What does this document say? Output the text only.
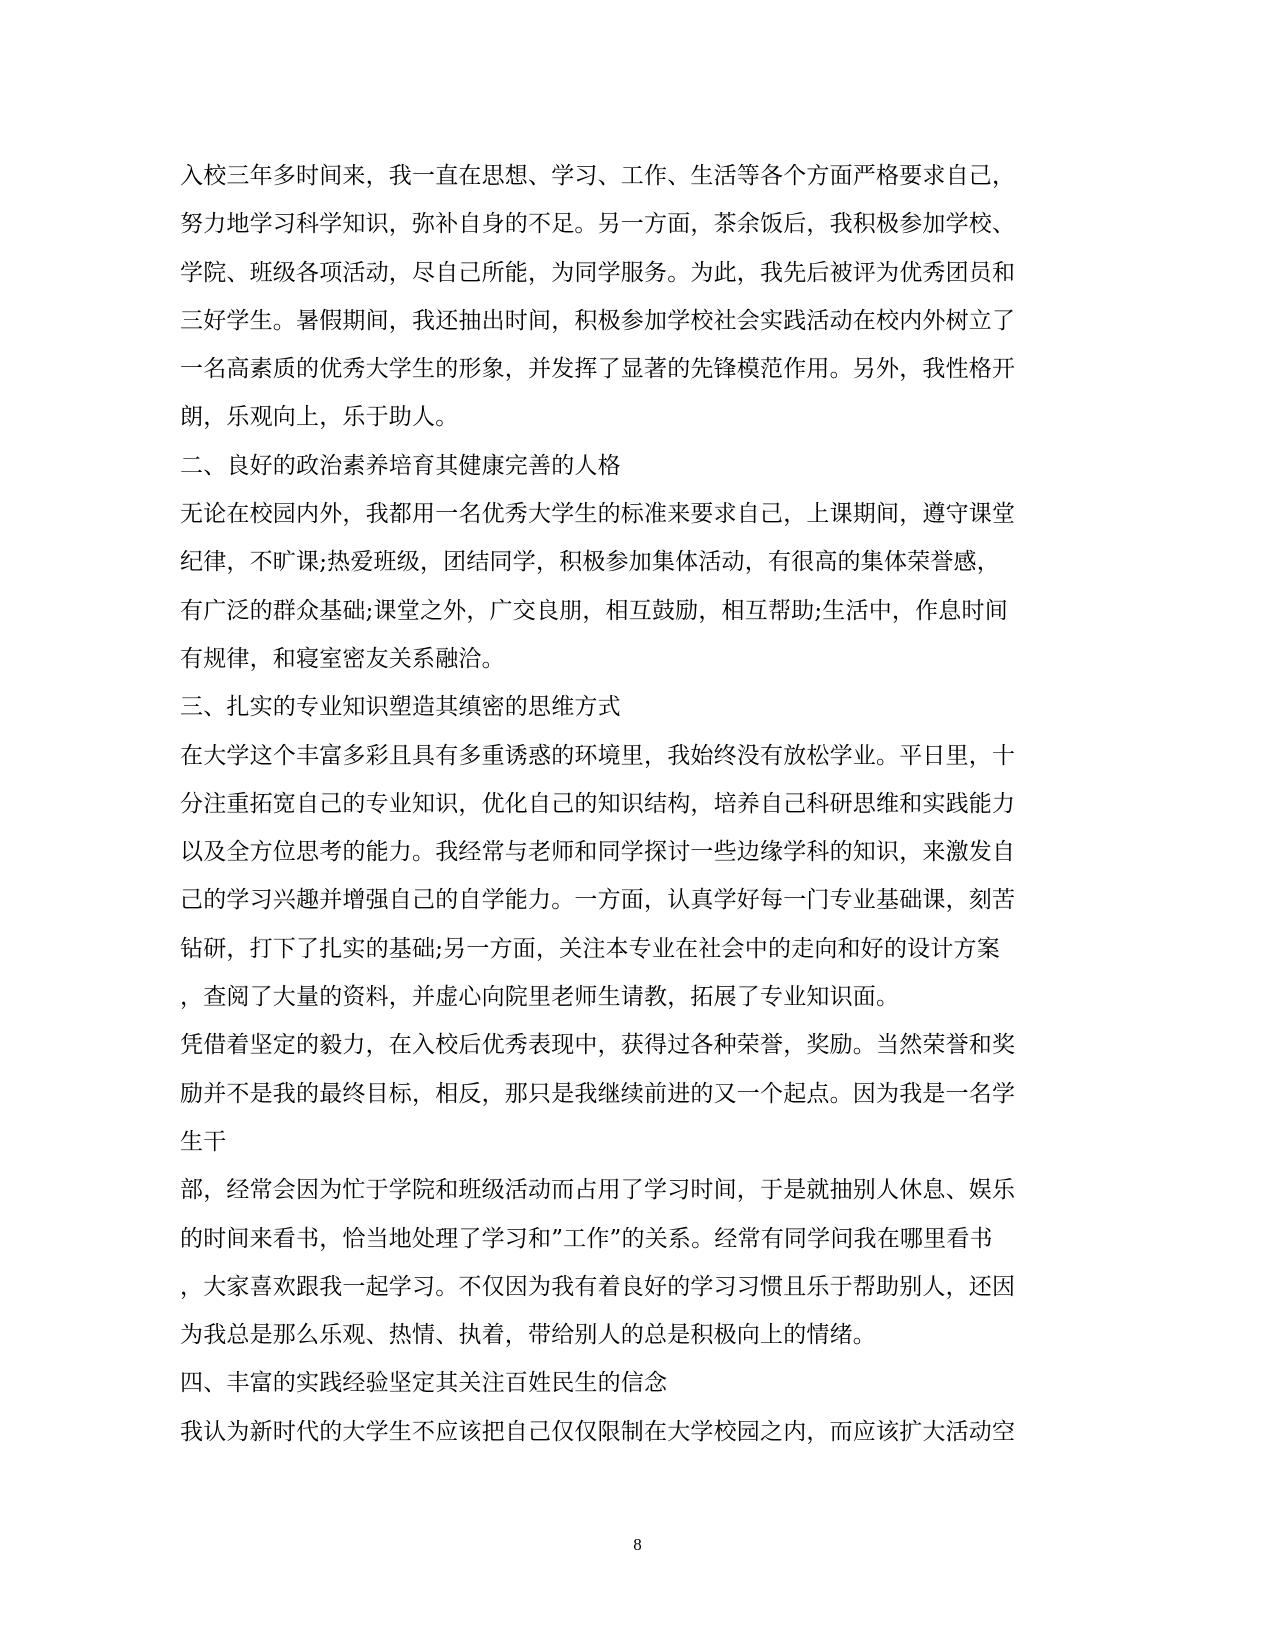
入校三年多时间来，我一直在思想、学习、工作、生活等各个方面严格要求自己，
努力地学习科学知识，弥补自身的不足。另一方面，茶余饭后，我积极参加学校、
学院、班级各项活动，尽自己所能，为同学服务。为此，我先后被评为优秀团员和
三好学生。暑假期间，我还抽出时间，积极参加学校社会实践活动在校内外树立了
一名高素质的优秀大学生的形象，并发挥了显著的先锋模范作用。另外，我性格开
朗，乐观向上，乐于助人。
二、良好的政治素养培育其健康完善的人格
无论在校园内外，我都用一名优秀大学生的标准来要求自己，上课期间，遵守课堂
纪律，不旷课;热爱班级，团结同学，积极参加集体活动，有很高的集体荣誉感，
有广泛的群众基础;课堂之外，广交良朋，相互鼓励，相互帮助;生活中，作息时间
有规律，和寝室密友关系融洽。
三、扎实的专业知识塑造其缜密的思维方式
在大学这个丰富多彩且具有多重诱惑的环境里，我始终没有放松学业。平日里，十
分注重拓宽自己的专业知识，优化自己的知识结构，培养自己科研思维和实践能力
以及全方位思考的能力。我经常与老师和同学探讨一些边缘学科的知识，来激发自
己的学习兴趣并增强自己的自学能力。一方面，认真学好每一门专业基础课，刻苦
钻研，打下了扎实的基础;另一方面，关注本专业在社会中的走向和好的设计方案
，查阅了大量的资料，并虚心向院里老师生请教，拓展了专业知识面。
凭借着坚定的毅力，在入校后优秀表现中，获得过各种荣誉，奖励。当然荣誉和奖
励并不是我的最终目标，相反，那只是我继续前进的又一个起点。因为我是一名学
生干
部，经常会因为忙于学院和班级活动而占用了学习时间，于是就抽别人休息、娱乐
的时间来看书，恰当地处理了学习和”工作”的关系。经常有同学问我在哪里看书
，大家喜欢跟我一起学习。不仅因为我有着良好的学习习惯且乐于帮助别人，还因
为我总是那么乐观、热情、执着，带给别人的总是积极向上的情绪。
四、丰富的实践经验坚定其关注百姓民生的信念
我认为新时代的大学生不应该把自己仅仅限制在大学校园之内，而应该扩大活动空
8
